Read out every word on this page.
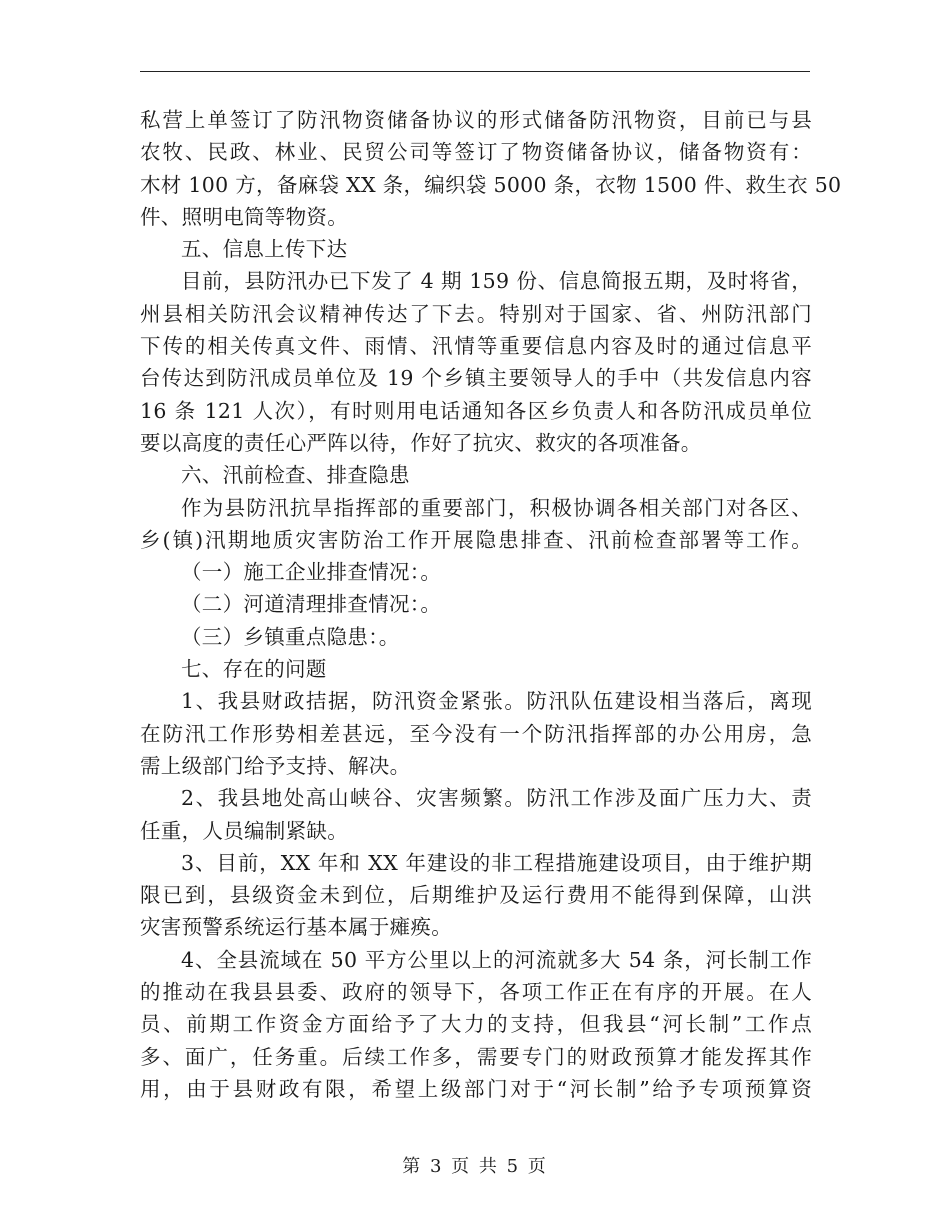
私营上单签订了防汛物资储备协议的形式储备防汛物资，目前已与县
农牧、民政、林业、民贸公司等签订了物资储备协议，储备物资有：
木材 100 方，备麻袋 XX 条，编织袋 5000 条，衣物 1500 件、救生衣 50
件、照明电筒等物资。
五、信息上传下达
目前，县防汛办已下发了 4 期 159 份、信息简报五期，及时将省，
州县相关防汛会议精神传达了下去。特别对于国家、省、州防汛部门
下传的相关传真文件、雨情、汛情等重要信息内容及时的通过信息平
台传达到防汛成员单位及 19 个乡镇主要领导人的手中（共发信息内容
16 条 121 人次），有时则用电话通知各区乡负责人和各防汛成员单位
要以高度的责任心严阵以待，作好了抗灾、救灾的各项准备。
六、汛前检查、排查隐患
作为县防汛抗旱指挥部的重要部门，积极协调各相关部门对各区、
乡(镇)汛期地质灾害防治工作开展隐患排查、汛前检查部署等工作。
（一）施工企业排查情况：。
（二）河道清理排查情况：。
（三）乡镇重点隐患：。
七、存在的问题
1、我县财政拮据，防汛资金紧张。防汛队伍建设相当落后，离现
在防汛工作形势相差甚远，至今没有一个防汛指挥部的办公用房，急
需上级部门给予支持、解决。
2、我县地处高山峡谷、灾害频繁。防汛工作涉及面广压力大、责
任重，人员编制紧缺。
3、目前，XX 年和 XX 年建设的非工程措施建设项目，由于维护期
限已到，县级资金未到位，后期维护及运行费用不能得到保障，山洪
灾害预警系统运行基本属于瘫痪。
4、全县流域在 50 平方公里以上的河流就多大 54 条，河长制工作
的推动在我县县委、政府的领导下，各项工作正在有序的开展。在人
员、前期工作资金方面给予了大力的支持，但我县“河长制”工作点
多、面广，任务重。后续工作多，需要专门的财政预算才能发挥其作
用，由于县财政有限，希望上级部门对于“河长制”给予专项预算资
第 3 页 共 5 页
